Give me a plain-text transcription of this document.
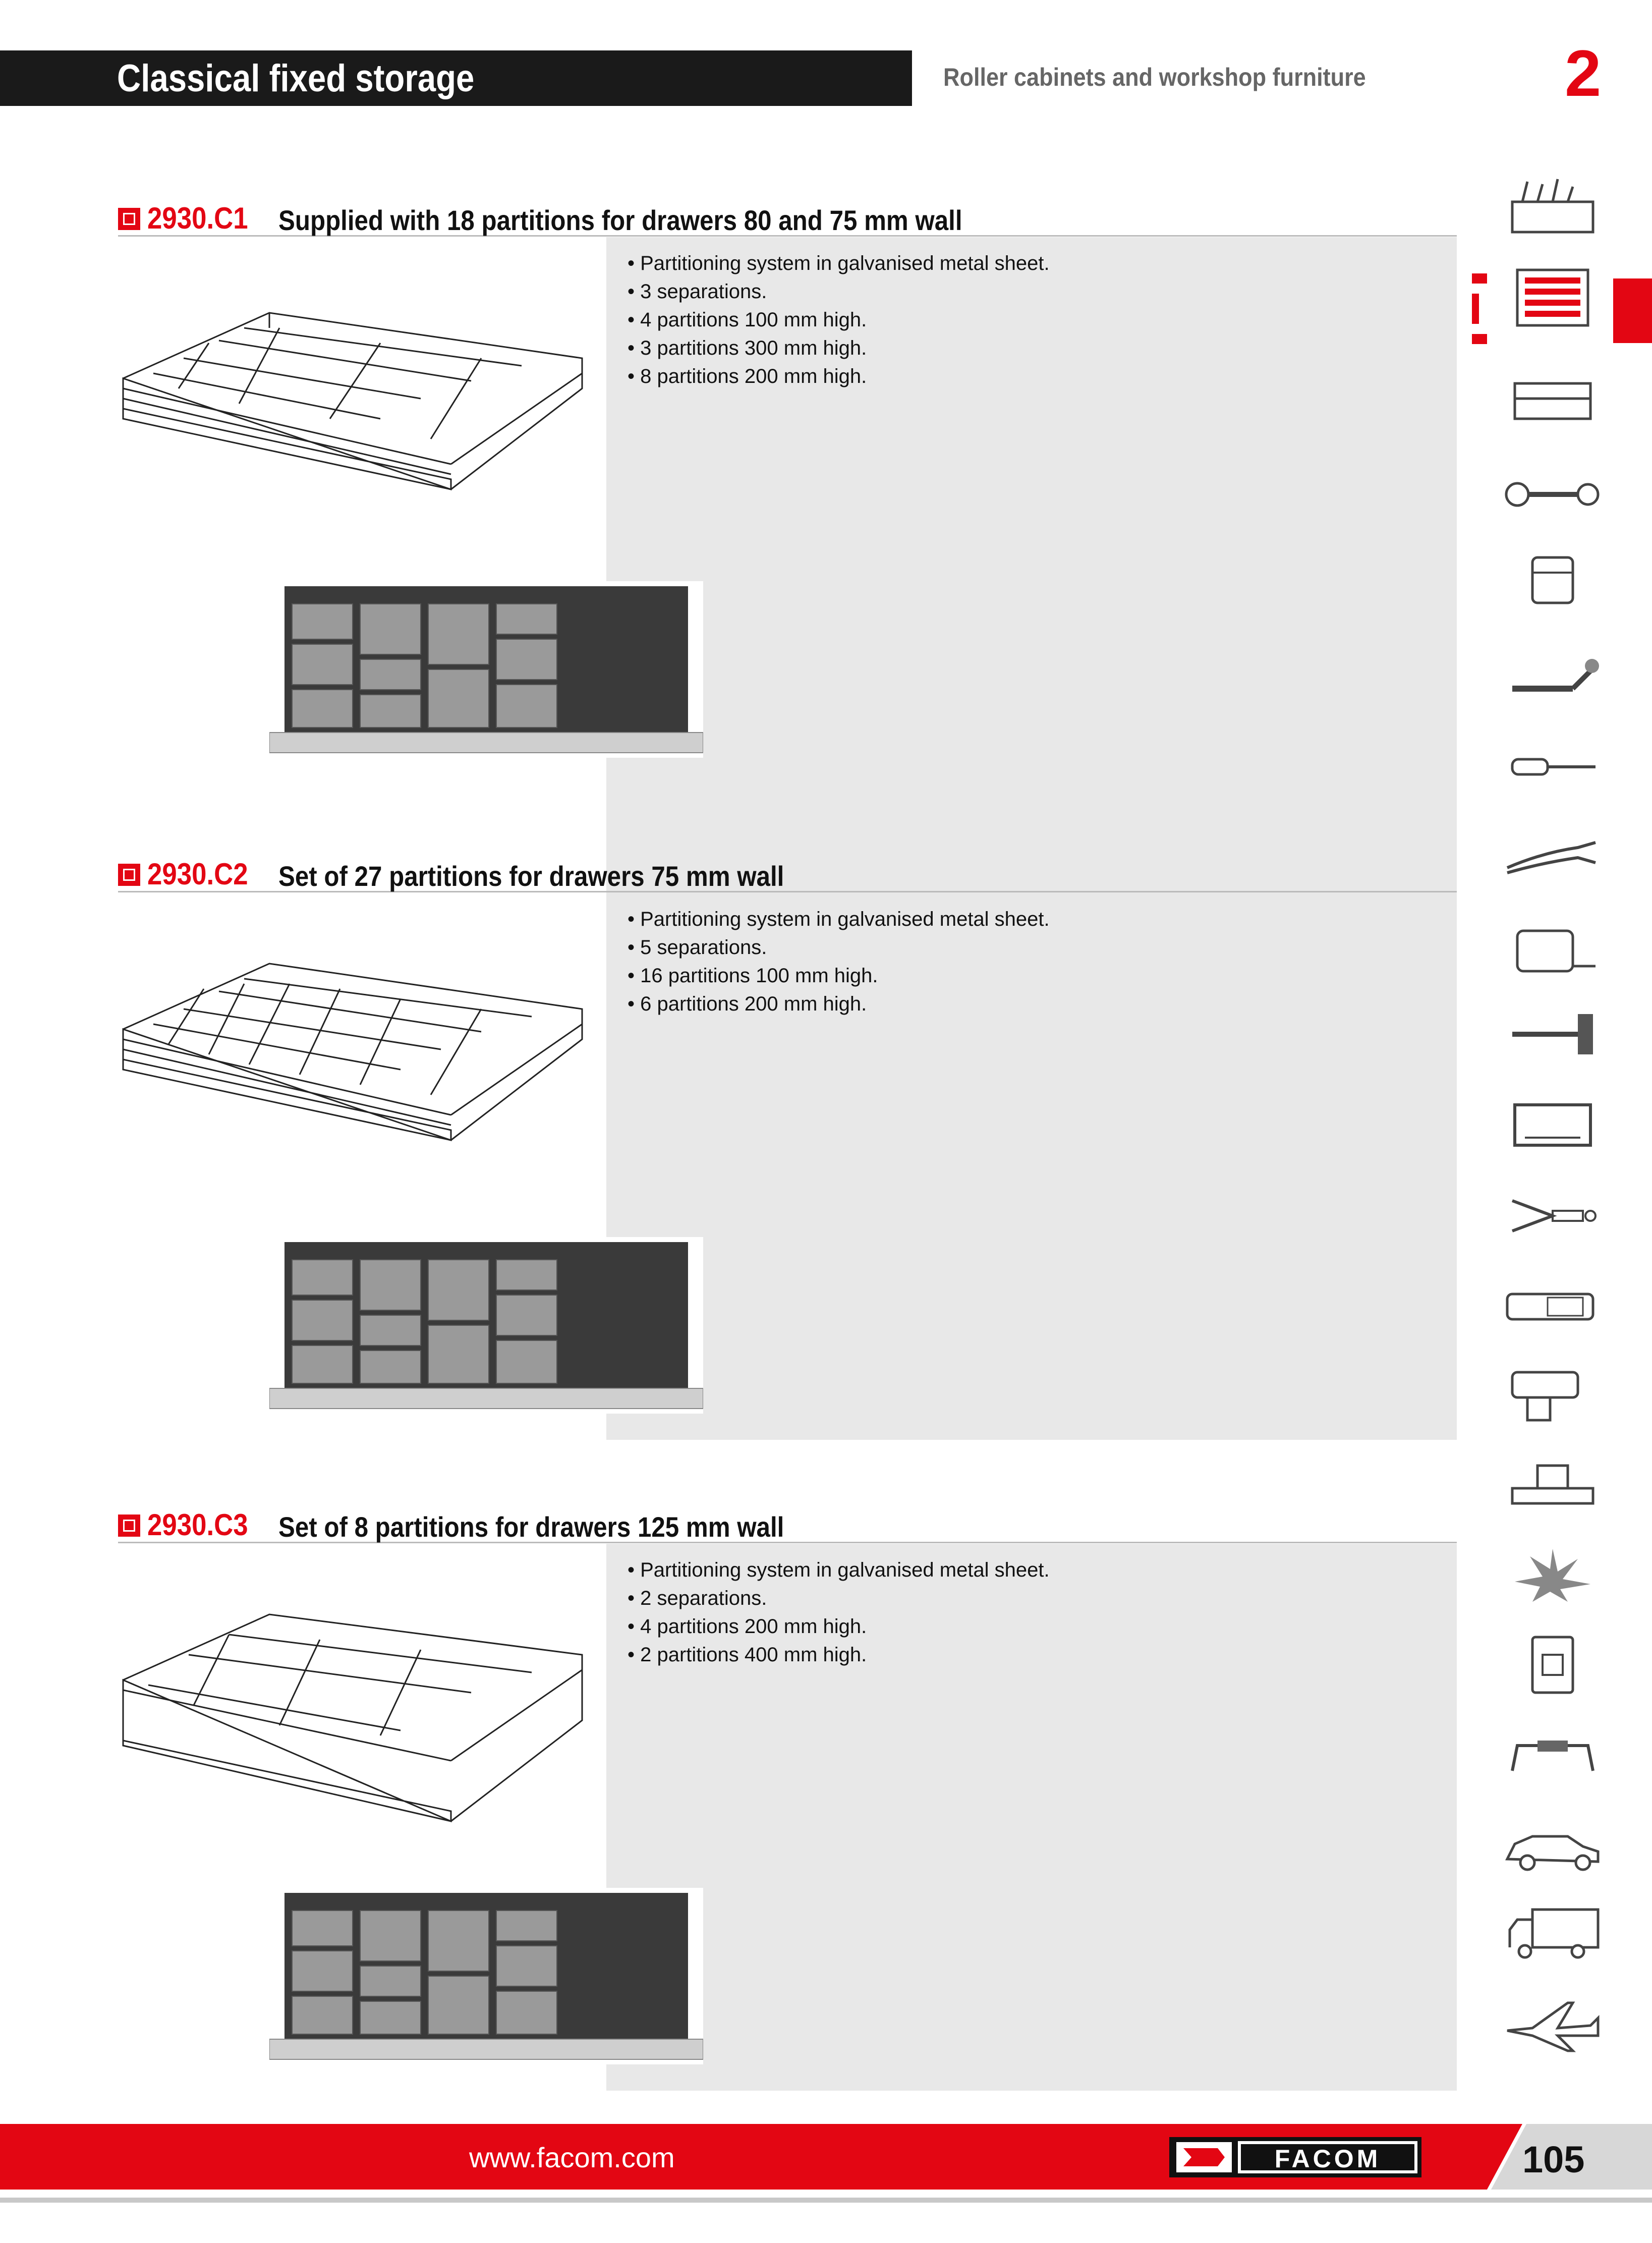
Classical fixed storage	Roller cabinets and workshop furniture	2
2930.C1 Supplied with 18 partitions for drawers 80 and 75 mm wall
• Partitioning system in galvanised metal sheet.
• 3 separations.
• 4 partitions 100 mm high.
• 3 partitions 300 mm high.
• 8 partitions 200 mm high.
2930.C2 Set of 27 partitions for drawers 75 mm wall
• Partitioning system in galvanised metal sheet.
• 5 separations.
• 16 partitions 100 mm high.
• 6 partitions 200 mm high.
2930.C3 Set of 8 partitions for drawers 125 mm wall
• Partitioning system in galvanised metal sheet.
• 2 separations.
• 4 partitions 200 mm high.
• 2 partitions 400 mm high.
www.facom.com	FACOM	105
